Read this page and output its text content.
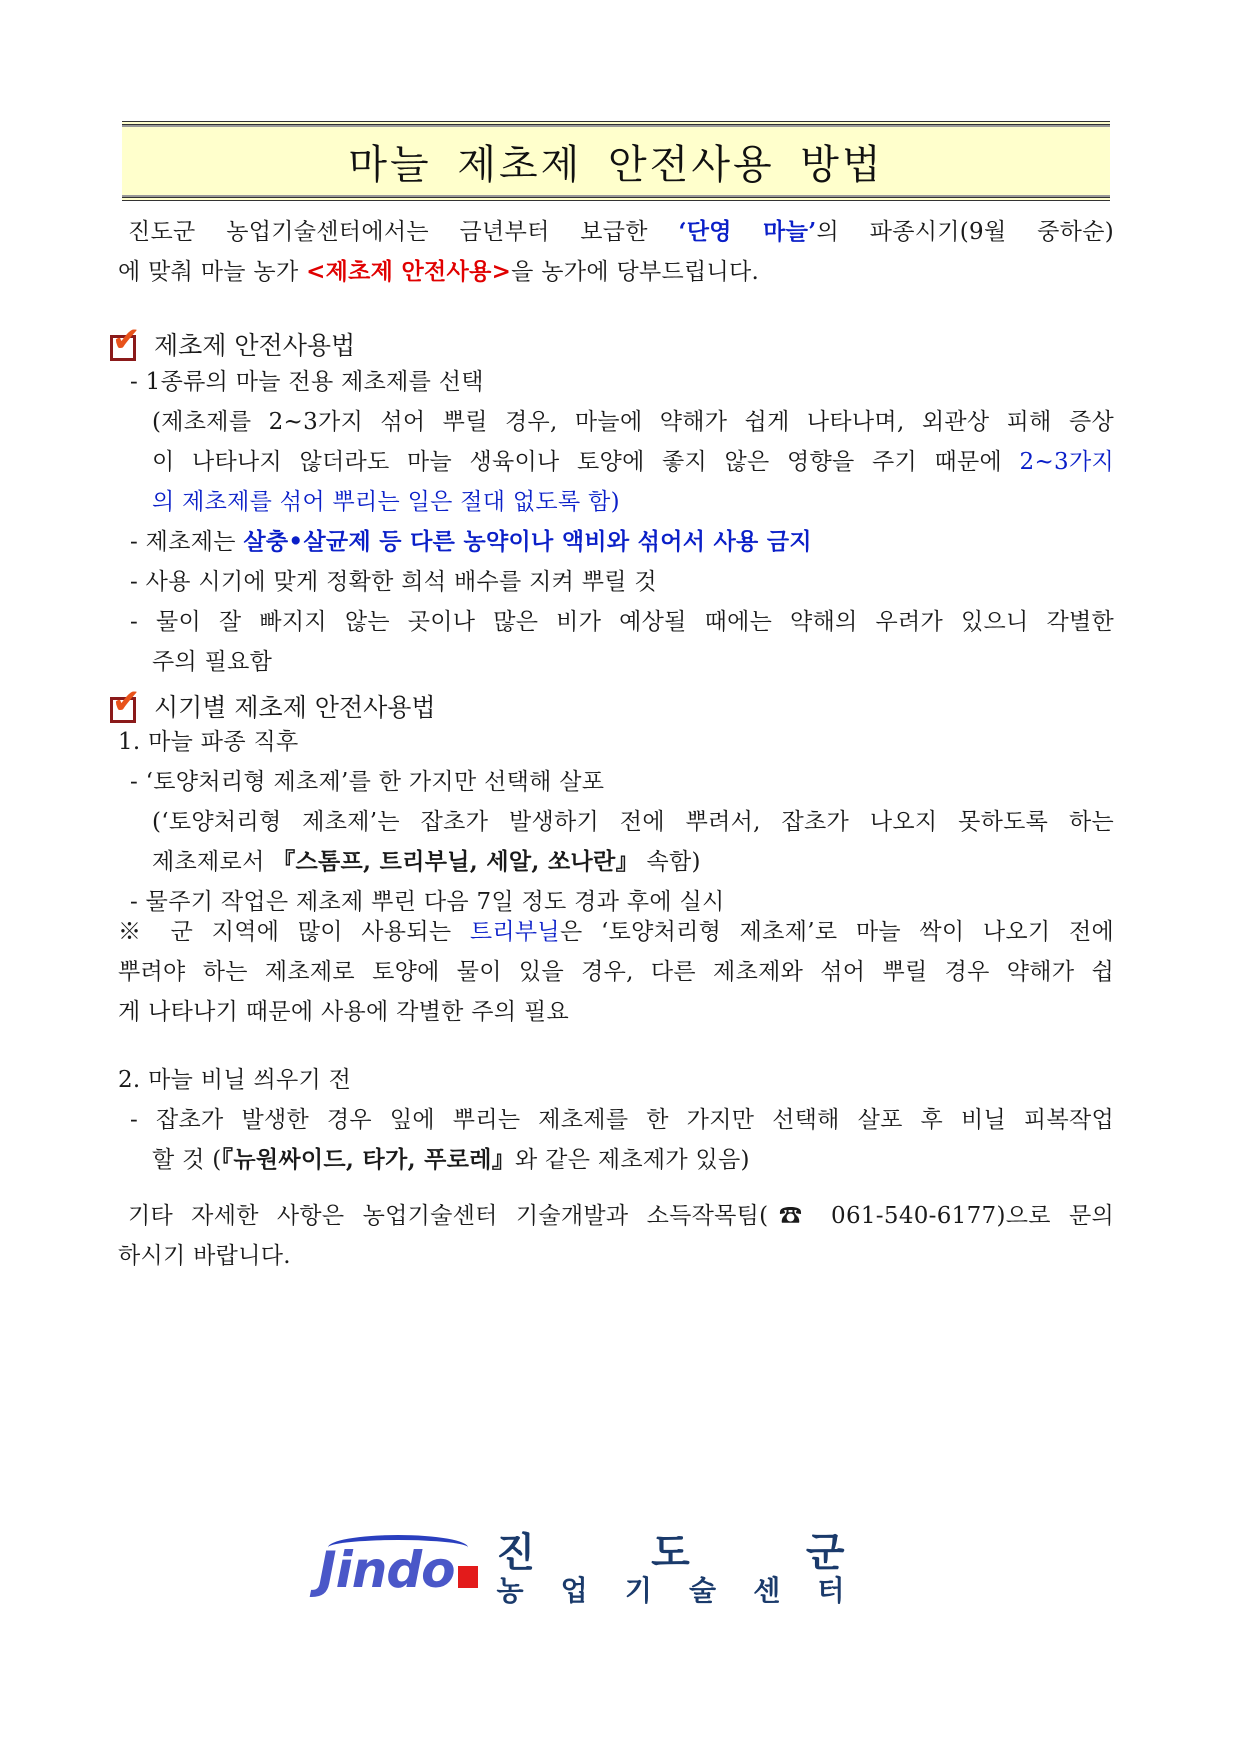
마늘 제초제 안전사용 방법
진도군 농업기술센터에서는 금년부터 보급한 ‘단영 마늘’의 파종시기(9월 중하순)
에 맞춰 마늘 농가 <제초제 안전사용>을 농가에 당부드립니다.
✔ 제초제 안전사용법
- 1종류의 마늘 전용 제초제를 선택
(제초제를 2~3가지 섞어 뿌릴 경우, 마늘에 약해가 쉽게 나타나며, 외관상 피해 증상
이 나타나지 않더라도 마늘 생육이나 토양에 좋지 않은 영향을 주기 때문에 2~3가지
의 제초제를 섞어 뿌리는 일은 절대 없도록 함)
- 제초제는 살충•살균제 등 다른 농약이나 액비와 섞어서 사용 금지
- 사용 시기에 맞게 정확한 희석 배수를 지켜 뿌릴 것
- 물이 잘 빠지지 않는 곳이나 많은 비가 예상될 때에는 약해의 우려가 있으니 각별한
주의 필요함
✔ 시기별 제초제 안전사용법
1. 마늘 파종 직후
- ‘토양처리형 제초제’를 한 가지만 선택해 살포
(‘토양처리형 제초제’는 잡초가 발생하기 전에 뿌려서, 잡초가 나오지 못하도록 하는
제초제로서 『스톰프, 트리부닐, 세알, 쏘나란』 속함)
- 물주기 작업은 제초제 뿌린 다음 7일 정도 경과 후에 실시
※ 군 지역에 많이 사용되는 트리부닐은 ‘토양처리형 제초제’로 마늘 싹이 나오기 전에
뿌려야 하는 제초제로 토양에 물이 있을 경우, 다른 제초제와 섞어 뿌릴 경우 약해가 쉽
게 나타나기 때문에 사용에 각별한 주의 필요
2. 마늘 비닐 씌우기 전
- 잡초가 발생한 경우 잎에 뿌리는 제초제를 한 가지만 선택해 살포 후 비닐 피복작업
할 것 (『뉴원싸이드, 타가, 푸로레』와 같은 제초제가 있음)
기타 자세한 사항은 농업기술센터 기술개발과 소득작목팀(☎ 061-540-6177)으로 문의
하시기 바랍니다.
Jindo 진	도	군
농 업 기 술 센 터
